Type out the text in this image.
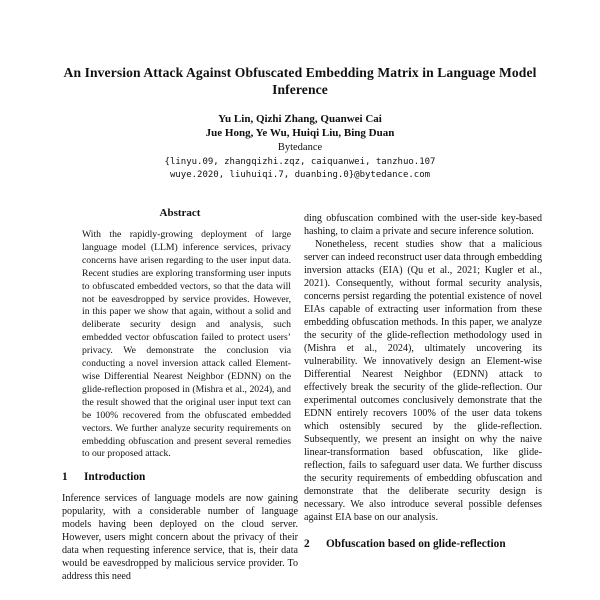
An Inversion Attack Against Obfuscated Embedding Matrix in Language Model Inference
Yu Lin, Qizhi Zhang, Quanwei Cai
Jue Hong, Ye Wu, Huiqi Liu, Bing Duan
Bytedance
{linyu.09, zhangqizhi.zqz, caiquanwei, tanzhuo.107
wuye.2020, liuhuiqi.7, duanbing.0}@bytedance.com
Abstract
With the rapidly-growing deployment of large language model (LLM) inference services, privacy concerns have arisen regarding to the user input data. Recent studies are exploring transforming user inputs to obfuscated embedded vectors, so that the data will not be eavesdropped by service provides. However, in this paper we show that again, without a solid and deliberate security design and analysis, such embedded vector obfuscation failed to protect users’ privacy. We demonstrate the conclusion via conducting a novel inversion attack called Element-wise Differential Nearest Neighbor (EDNN) on the glide-reflection proposed in (Mishra et al., 2024), and the result showed that the original user input text can be 100% recovered from the obfuscated embedded vectors. We further analyze security requirements on embedding obfuscation and present several remedies to our proposed attack.
1	Introduction
Inference services of language models are now gaining popularity, with a considerable number of language models having been deployed on the cloud server. However, users might concern about the privacy of their data when requesting inference service, that is, their data would be eavesdropped by malicious service provider. To address this need
ding obfuscation combined with the user-side key-based hashing, to claim a private and secure inference solution.
Nonetheless, recent studies show that a malicious server can indeed reconstruct user data through embedding inversion attacks (EIA) (Qu et al., 2021; Kugler et al., 2021). Consequently, without formal security analysis, concerns persist regarding the potential existence of novel EIAs capable of extracting user information from these embedding obfuscation methods. In this paper, we analyze the security of the glide-reflection methodology used in (Mishra et al., 2024), ultimately uncovering its vulnerability. We innovatively design an Element-wise Differential Nearest Neighbor (EDNN) attack to effectively break the security of the glide-reflection. Our experimental outcomes conclusively demonstrate that the EDNN entirely recovers 100% of the user data tokens which ostensibly secured by the glide-reflection. Subsequently, we present an insight on why the naive linear-transformation based obfuscation, like glide-reflection, fails to safeguard user data. We further discuss the security requirements of embedding obfuscation and demonstrate that the deliberate security design is necessary. We also introduce several possible defenses against EIA base on our analysis.
2	Obfuscation based on glide-reflection
